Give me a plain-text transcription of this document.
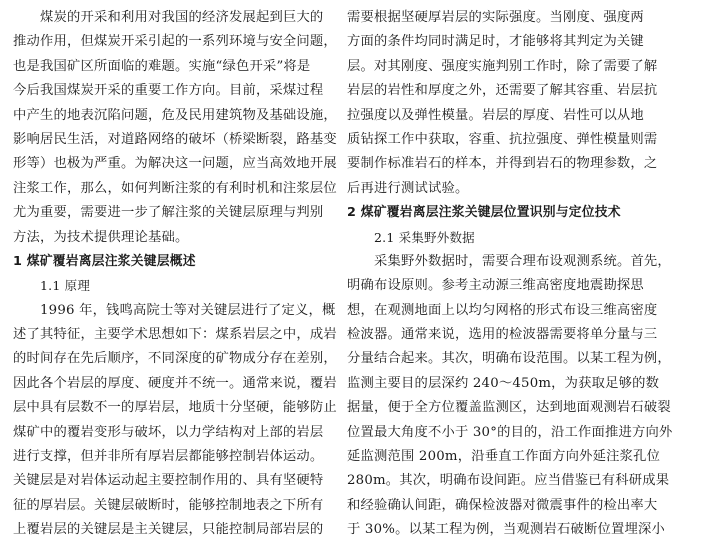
煤炭的开采和利用对我国的经济发展起到巨大的
推动作用，但煤炭开采引起的一系列环境与安全问题，
也是我国矿区所面临的难题。实施“绿色开采”将是
今后我国煤炭开采的重要工作方向。目前，采煤过程
中产生的地表沉陷问题，危及民用建筑物及基础设施，
影响居民生活，对道路网络的破坏（桥梁断裂，路基变
形等）也极为严重。为解决这一问题，应当高效地开展
注浆工作，那么，如何判断注浆的有利时机和注浆层位
尤为重要，需要进一步了解注浆的关键层原理与判别
方法，为技术提供理论基础。
1 煤矿覆岩离层注浆关键层概述
1.1 原理
1996 年，钱鸣高院士等对关键层进行了定义，概
述了其特征，主要学术思想如下：煤系岩层之中，成岩
的时间存在先后顺序，不同深度的矿物成分存在差别，
因此各个岩层的厚度、硬度并不统一。通常来说，覆岩
层中具有层数不一的厚岩层，地质十分坚硬，能够防止
煤矿中的覆岩变形与破坏，以力学结构对上部的岩层
进行支撑，但并非所有厚岩层都能够控制岩体运动。
关键层是对岩体运动起主要控制作用的、具有坚硬特
征的厚岩层。关键层破断时，能够控制地表之下所有
上覆岩层的关键层是主关键层，只能控制局部岩层的
需要根据坚硬厚岩层的实际强度。当刚度、强度两
方面的条件均同时满足时，才能够将其判定为关键
层。对其刚度、强度实施判别工作时，除了需要了解
岩层的岩性和厚度之外，还需要了解其容重、岩层抗
拉强度以及弹性模量。岩层的厚度、岩性可以从地
质钻探工作中获取，容重、抗拉强度、弹性模量则需
要制作标准岩石的样本，并得到岩石的物理参数，之
后再进行测试试验。
2 煤矿覆岩离层注浆关键层位置识别与定位技术
2.1 采集野外数据
采集野外数据时，需要合理布设观测系统。首先，
明确布设原则。参考主动源三维高密度地震勘探思
想，在观测地面上以均匀网格的形式布设三维高密度
检波器。通常来说，选用的检波器需要将单分量与三
分量结合起来。其次，明确布设范围。以某工程为例，
监测主要目的层深约 240～450m，为获取足够的数
据量，便于全方位覆盖监测区，达到地面观测岩石破裂
位置最大角度不小于 30°的目的，沿工作面推进方向外
延监测范围 200m，沿垂直工作面方向外延注浆孔位
280m。其次，明确布设间距。应当借鉴已有科研成果
和经验确认间距，确保检波器对微震事件的检出率大
于 30%。以某工程为例，当观测岩石破断位置埋深小
